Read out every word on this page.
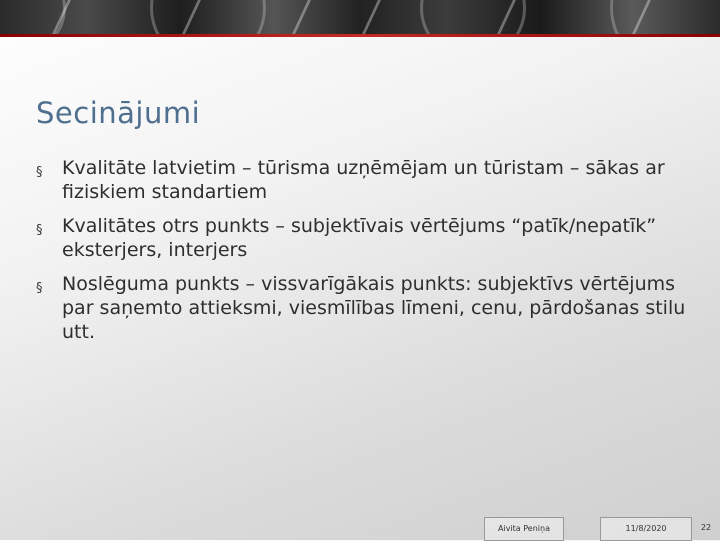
Secinājumi
§ Kvalitāte latvietim – tūrisma uzņēmējam un tūristam – sākas ar fiziskiem standartiem
§ Kvalitātes otrs punkts – subjektīvais vērtējums “patīk/nepatīk” eksterjers, interjers
§ Noslēguma punkts – vissvarīgākais punkts: subjektīvs vērtējums par saņemto attieksmi, viesmīlības līmeni, cenu, pārdošanas stilu utt.
Aivita Peniņa	11/8/2020	22
